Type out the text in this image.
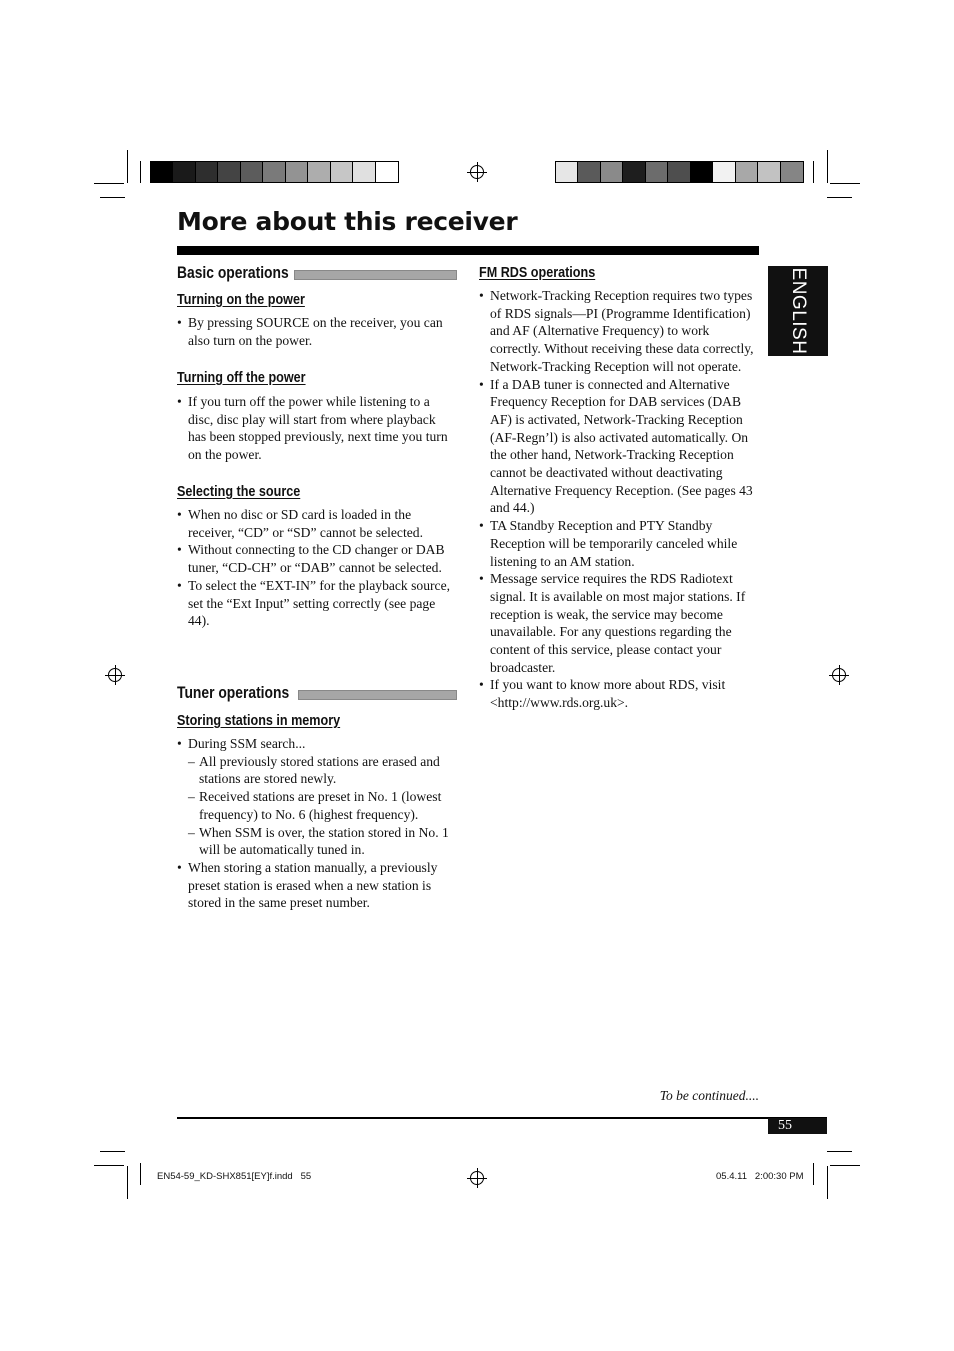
More about this receiver
ENGLISH
Basic operations
Turning on the power
• By pressing SOURCE on the receiver, you can also turn on the power.
Turning off the power
• If you turn off the power while listening to a disc, disc play will start from where playback has been stopped previously, next time you turn on the power.
Selecting the source
• When no disc or SD card is loaded in the receiver, “CD” or “SD” cannot be selected.
• Without connecting to the CD changer or DAB tuner, “CD-CH” or “DAB” cannot be selected.
• To select the “EXT-IN” for the playback source, set the “Ext Input” setting correctly (see page 44).
Tuner operations
Storing stations in memory
• During SSM search...
– All previously stored stations are erased and stations are stored newly.
– Received stations are preset in No. 1 (lowest frequency) to No. 6 (highest frequency).
– When SSM is over, the station stored in No. 1 will be automatically tuned in.
• When storing a station manually, a previously preset station is erased when a new station is stored in the same preset number.
FM RDS operations
• Network-Tracking Reception requires two types of RDS signals—PI (Programme Identification) and AF (Alternative Frequency) to work correctly. Without receiving these data correctly, Network-Tracking Reception will not operate.
• If a DAB tuner is connected and Alternative Frequency Reception for DAB services (DAB AF) is activated, Network-Tracking Reception (AF-Regn’l) is also activated automatically. On the other hand, Network-Tracking Reception cannot be deactivated without deactivating Alternative Frequency Reception. (See pages 43 and 44.)
• TA Standby Reception and PTY Standby Reception will be temporarily canceled while listening to an AM station.
• Message service requires the RDS Radiotext signal. It is available on most major stations. If reception is weak, the service may become unavailable. For any questions regarding the content of this service, please contact your broadcaster.
• If you want to know more about RDS, visit <http://www.rds.org.uk>.
To be continued....
55
EN54-59_KD-SHX851[EY]f.indd   55	05.4.11   2:00:30 PM
